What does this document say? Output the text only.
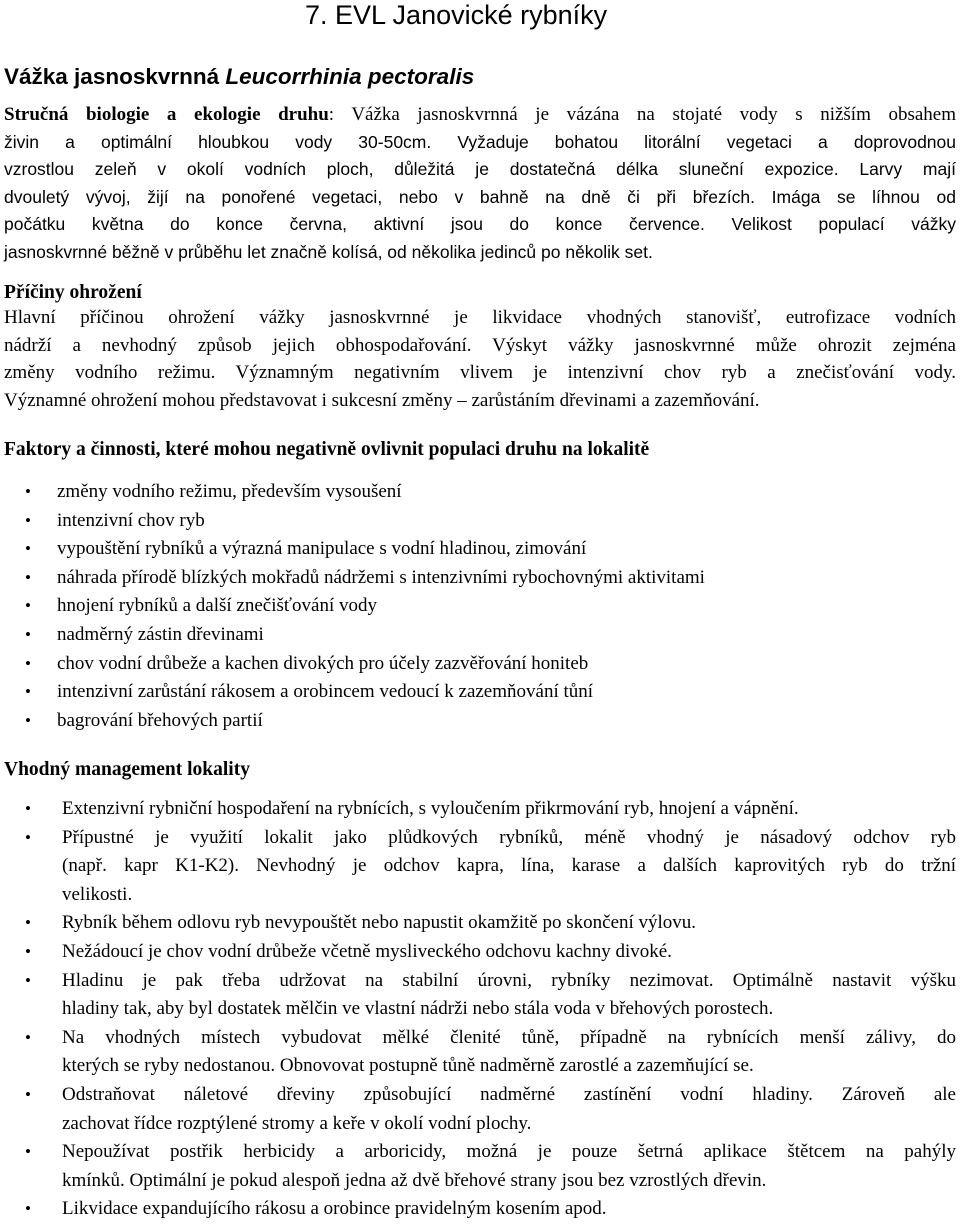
7. EVL Janovické rybníky
Vážka jasnoskvrnná Leucorrhinia pectoralis
Stručná biologie a ekologie druhu: Vážka jasnoskvrnná je vázána na stojaté vody s nižším obsahem
živin a optimální hloubkou vody 30-50cm. Vyžaduje bohatou litorální vegetaci a doprovodnou
vzrostlou zeleň v okolí vodních ploch, důležitá je dostatečná délka sluneční expozice. Larvy mají
dvouletý vývoj, žijí na ponořené vegetaci, nebo v bahně na dně či při březích. Imága se líhnou od
počátku května do konce června, aktivní jsou do konce července. Velikost populací vážky
jasnoskvrnné běžně v průběhu let značně kolísá, od několika jedinců po několik set.
Příčiny ohrožení
Hlavní příčinou ohrožení vážky jasnoskvrnné je likvidace vhodných stanovišť, eutrofizace vodních
nádrží a nevhodný způsob jejich obhospodařování. Výskyt vážky jasnoskvrnné může ohrozit zejména
změny vodního režimu. Významným negativním vlivem je intenzivní chov ryb a znečisťování vody.
Významné ohrožení mohou představovat i sukcesní změny – zarůstáním dřevinami a zazemňování.
Faktory a činnosti, které mohou negativně ovlivnit populaci druhu na lokalitě
• změny vodního režimu, především vysoušení
• intenzivní chov ryb
• vypouštění rybníků a výrazná manipulace s vodní hladinou, zimování
• náhrada přírodě blízkých mokřadů nádržemi s intenzivními rybochovnými aktivitami
• hnojení rybníků a další znečišťování vody
• nadměrný zástin dřevinami
• chov vodní drůbeže a kachen divokých pro účely zazvěřování honiteb
• intenzivní zarůstání rákosem a orobincem vedoucí k zazemňování tůní
• bagrování břehových partií
Vhodný management lokality
• Extenzivní rybniční hospodaření na rybnících, s vyloučením přikrmování ryb, hnojení a vápnění.
• Přípustné je využití lokalit jako plůdkových rybníků, méně vhodný je násadový odchov ryb
(např. kapr K1-K2). Nevhodný je odchov kapra, lína, karase a dalších kaprovitých ryb do tržní
velikosti.
• Rybník během odlovu ryb nevypouštět nebo napustit okamžitě po skončení výlovu.
• Nežádoucí je chov vodní drůbeže včetně mysliveckého odchovu kachny divoké.
• Hladinu je pak třeba udržovat na stabilní úrovni, rybníky nezimovat. Optimálně nastavit výšku
hladiny tak, aby byl dostatek mělčin ve vlastní nádrži nebo stála voda v břehových porostech.
• Na vhodných místech vybudovat mělké členité tůně, případně na rybnících menší zálivy, do
kterých se ryby nedostanou. Obnovovat postupně tůně nadměrně zarostlé a zazemňující se.
• Odstraňovat náletové dřeviny způsobující nadměrné zastínění vodní hladiny. Zároveň ale
zachovat řídce rozptýlené stromy a keře v okolí vodní plochy.
• Nepoužívat postřik herbicidy a arboricidy, možná je pouze šetrná aplikace štětcem na pahýly
kmínků. Optimální je pokud alespoň jedna až dvě břehové strany jsou bez vzrostlých dřevin.
• Likvidace expandujícího rákosu a orobince pravidelným kosením apod.
